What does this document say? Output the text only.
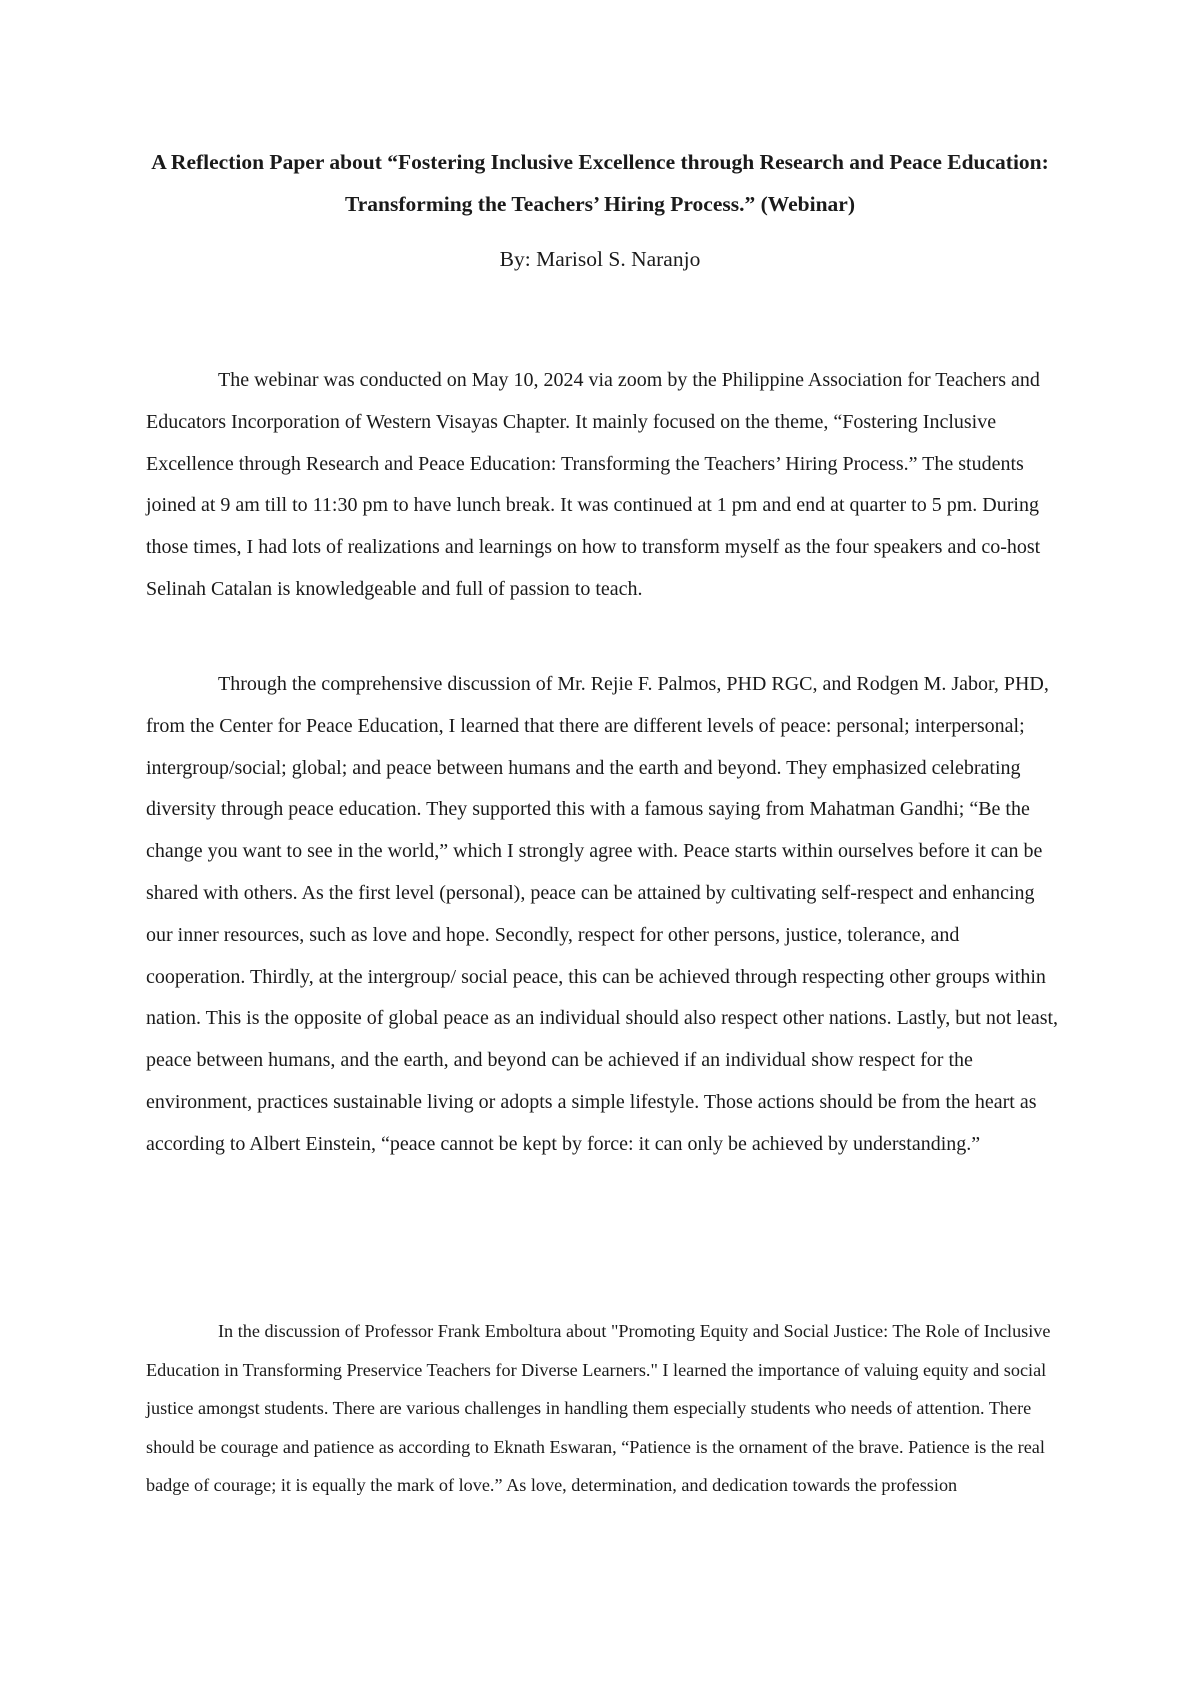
A Reflection Paper about “Fostering Inclusive Excellence through Research and Peace Education: Transforming the Teachers’ Hiring Process.” (Webinar)

By: Marisol S. Naranjo

The webinar was conducted on May 10, 2024 via zoom by the Philippine Association for Teachers and Educators Incorporation of Western Visayas Chapter. It mainly focused on the theme, “Fostering Inclusive Excellence through Research and Peace Education: Transforming the Teachers’ Hiring Process.” The students joined at 9 am till to 11:30 pm to have lunch break. It was continued at 1 pm and end at quarter to 5 pm. During those times, I had lots of realizations and learnings on how to transform myself as the four speakers and co-host Selinah Catalan is knowledgeable and full of passion to teach.

Through the comprehensive discussion of Mr. Rejie F. Palmos, PHD RGC, and Rodgen M. Jabor, PHD, from the Center for Peace Education, I learned that there are different levels of peace: personal; interpersonal; intergroup/social; global; and peace between humans and the earth and beyond. They emphasized celebrating diversity through peace education. They supported this with a famous saying from Mahatman Gandhi; “Be the change you want to see in the world,” which I strongly agree with. Peace starts within ourselves before it can be shared with others. As the first level (personal), peace can be attained by cultivating self-respect and enhancing our inner resources, such as love and hope. Secondly, respect for other persons, justice, tolerance, and cooperation. Thirdly, at the intergroup/ social peace, this can be achieved through respecting other groups within nation. This is the opposite of global peace as an individual should also respect other nations. Lastly, but not least, peace between humans, and the earth, and beyond can be achieved if an individual show respect for the environment, practices sustainable living or adopts a simple lifestyle. Those actions should be from the heart as according to Albert Einstein, “peace cannot be kept by force: it can only be achieved by understanding.”

In the discussion of Professor Frank Emboltura about "Promoting Equity and Social Justice: The Role of Inclusive Education in Transforming Preservice Teachers for Diverse Learners." I learned the importance of valuing equity and social justice amongst students. There are various challenges in handling them especially students who needs of attention. There should be courage and patience as according to Eknath Eswaran, “Patience is the ornament of the brave. Patience is the real badge of courage; it is equally the mark of love.” As love, determination, and dedication towards the profession
